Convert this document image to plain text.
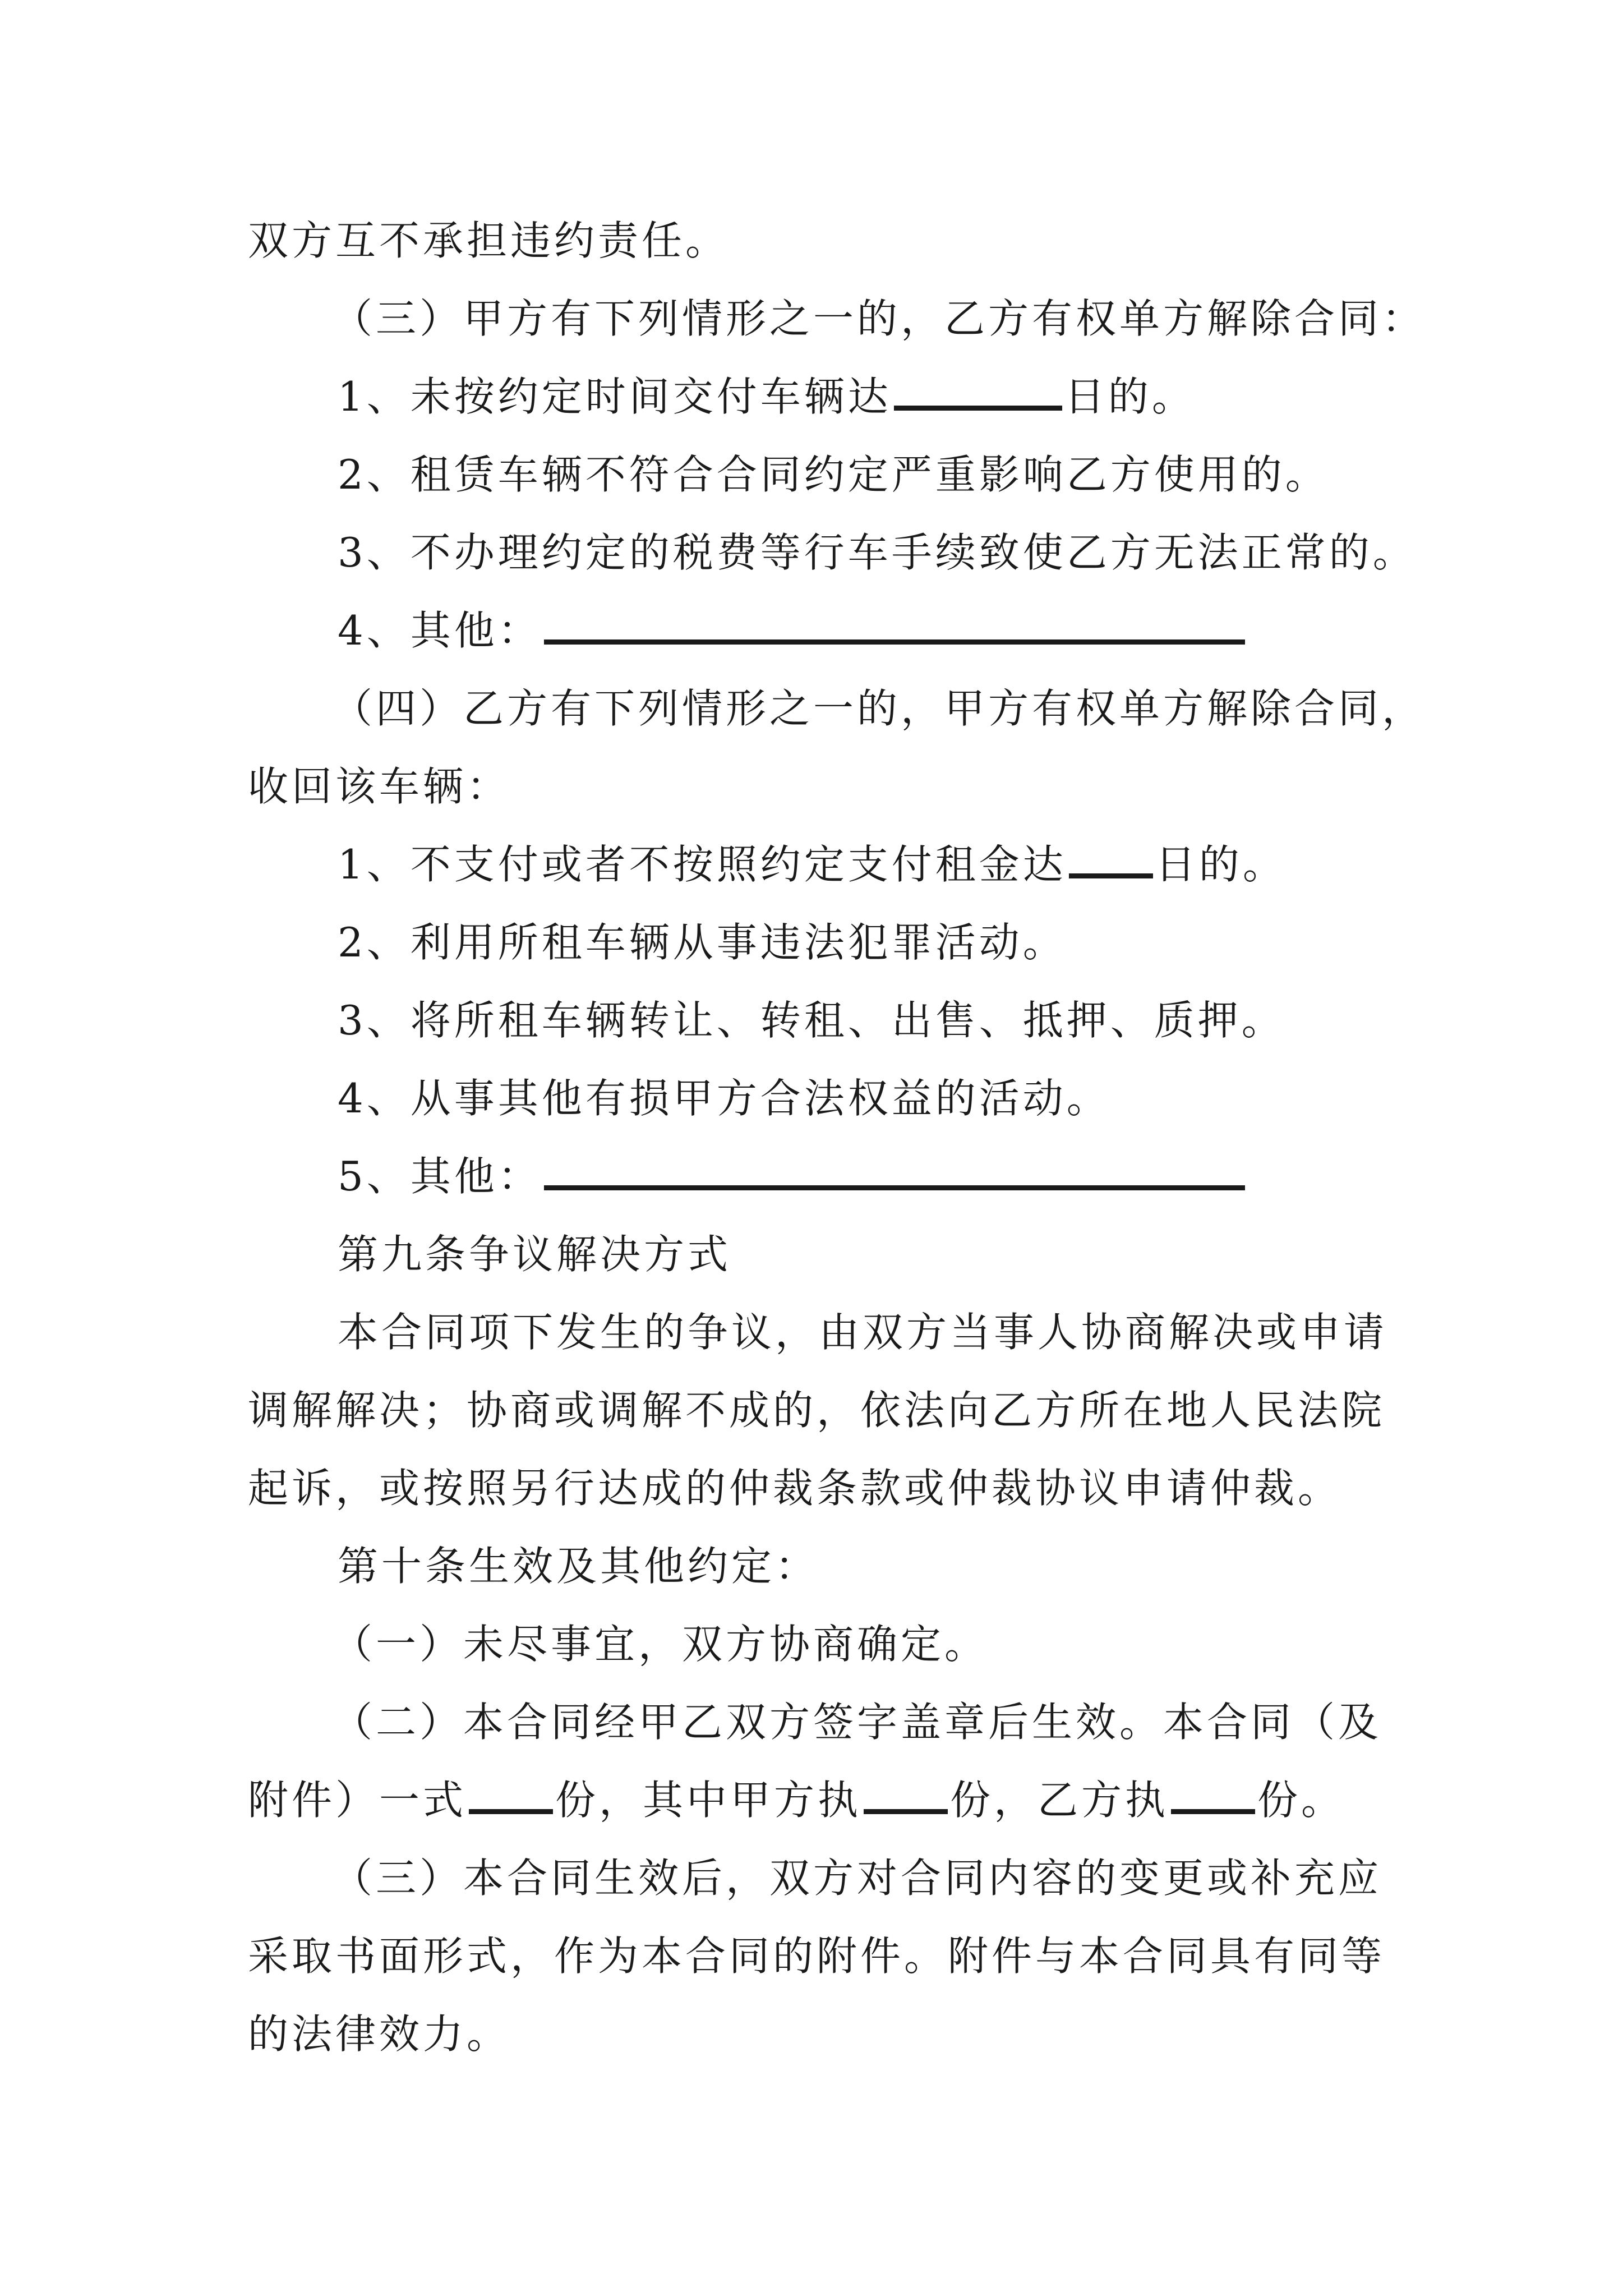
双方互不承担违约责任。
（三）甲方有下列情形之一的，乙方有权单方解除合同：
1、未按约定时间交付车辆达	日的。
2、租赁车辆不符合合同约定严重影响乙方使用的。
3、不办理约定的税费等行车手续致使乙方无法正常的。
4、其他：
（四）乙方有下列情形之一的，甲方有权单方解除合同，
收回该车辆：
1、不支付或者不按照约定支付租金达 日的。
2、利用所租车辆从事违法犯罪活动。
3、将所租车辆转让、转租、出售、抵押、质押。
4、从事其他有损甲方合法权益的活动。
5、其他：
第九条争议解决方式
本合同项下发生的争议，由双方当事人协商解决或申请
调解解决；协商或调解不成的，依法向乙方所在地人民法院
起诉，或按照另行达成的仲裁条款或仲裁协议申请仲裁。
第十条生效及其他约定：
（一）未尽事宜，双方协商确定。
（二）本合同经甲乙双方签字盖章后生效。本合同（及
附件）一式 份，其中甲方执 份，乙方执 份。
（三）本合同生效后，双方对合同内容的变更或补充应
采取书面形式，作为本合同的附件。附件与本合同具有同等
的法律效力。
